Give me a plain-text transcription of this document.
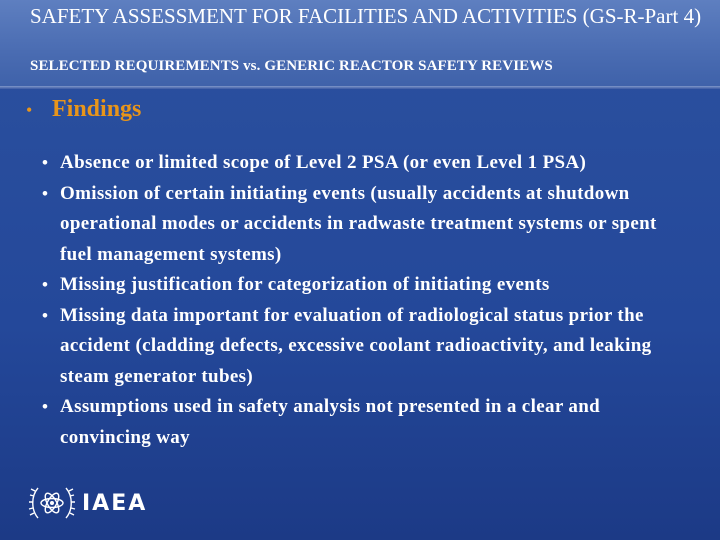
SAFETY ASSESSMENT FOR FACILITIES AND ACTIVITIES (GS-R-Part 4)
SELECTED REQUIREMENTS vs. GENERIC REACTOR SAFETY REVIEWS
• Findings
• Absence or limited scope of Level 2 PSA (or even Level 1 PSA)
• Omission of certain initiating events (usually accidents at shutdown operational modes or accidents in radwaste treatment systems or spent fuel management systems)
• Missing justification for categorization of initiating events
• Missing data important for evaluation of radiological status prior the accident (cladding defects, excessive coolant radioactivity, and leaking steam generator tubes)
• Assumptions used in safety analysis not presented in a clear and convincing way
IAEA
